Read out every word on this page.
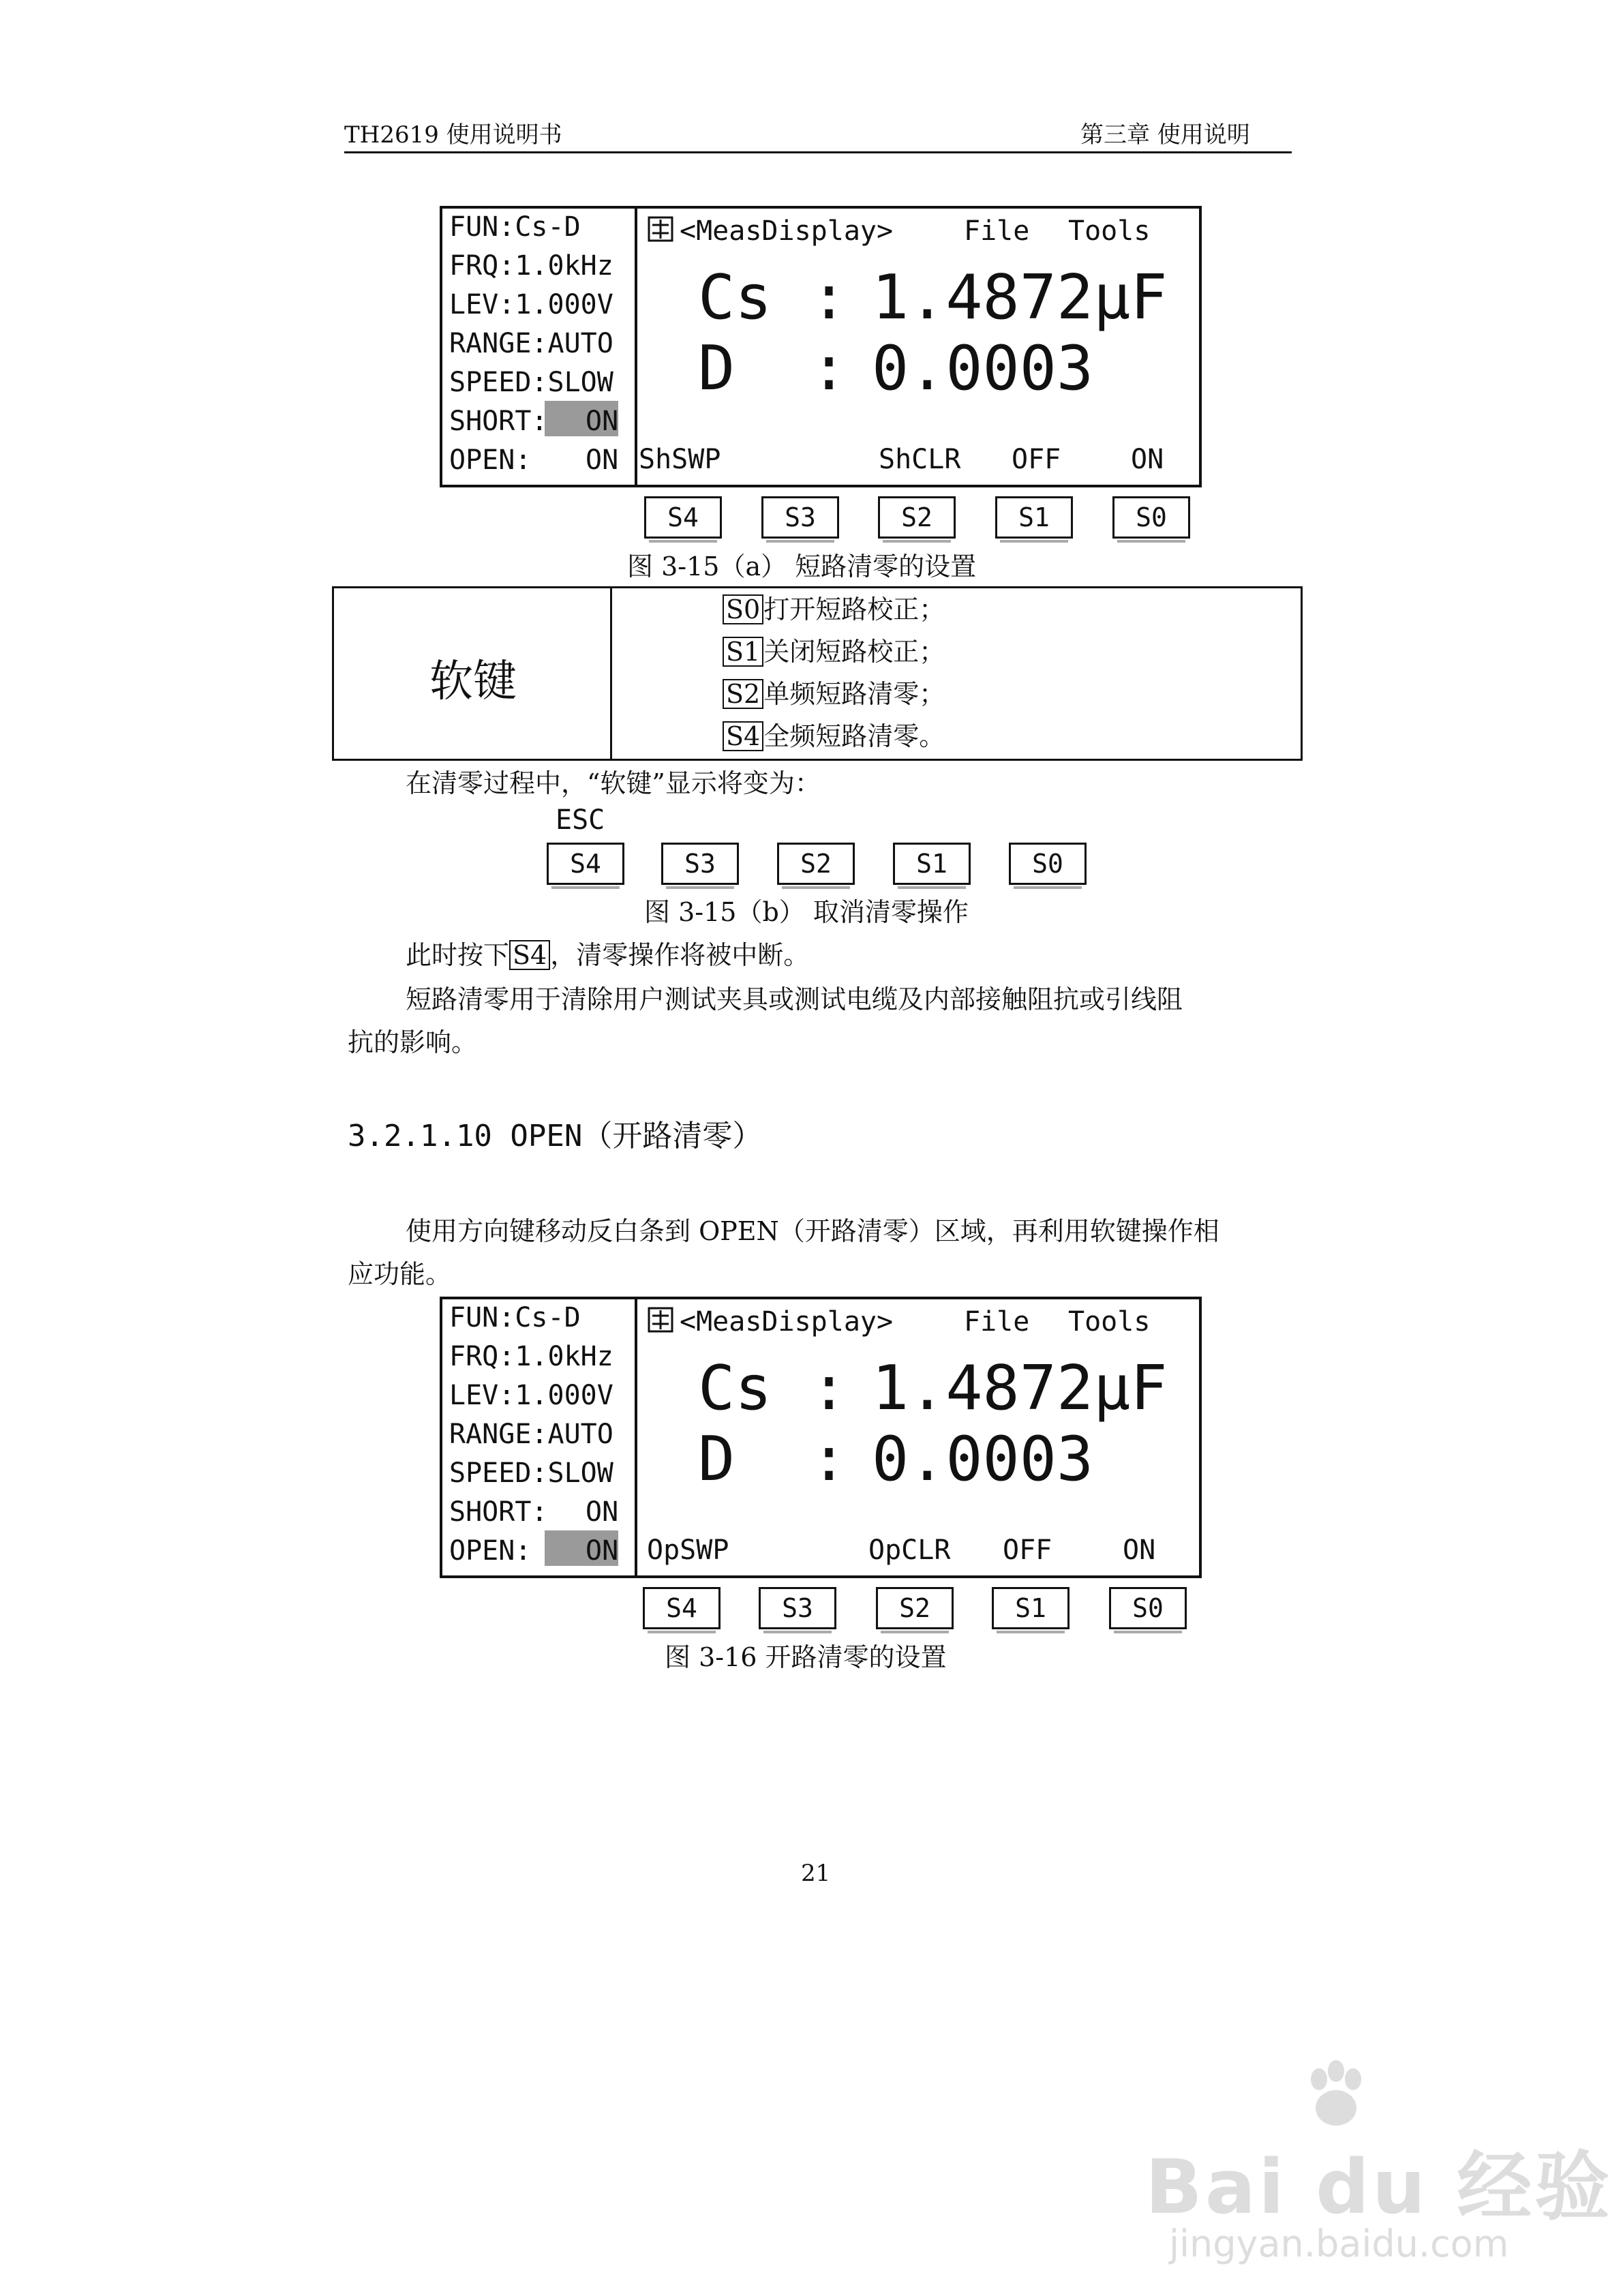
TH2619 使用说明书	第三章 使用说明
FUN:Cs-D
FRQ:1.0kHz
LEV:1.000V
RANGE:AUTO
SPEED:SLOW
SHORT: ON
OPEN: ON
<MeasDisplay>	File Tools
Cs : 1.4872μF
D : 0.0003
ShSWP	ShCLR OFF	ON
S4	S3	S2	S1	S0
图 3-15（a） 短路清零的设置
软键
S0 打开短路校正；
S1 关闭短路校正；
S2 单频短路清零；
S4 全频短路清零。
在清零过程中，“软键”显示将变为：
ESC
S4	S3	S2	S1	S0
图 3-15（b） 取消清零操作
此时按下 S4 ，清零操作将被中断。
短路清零用于清除用户测试夹具或测试电缆及内部接触阻抗或引线阻
抗的影响。
3.2.1.10 OPEN（开路清零）
使用方向键移动反白条到 OPEN（开路清零）区域，再利用软键操作相
应功能。
FUN:Cs-D
FRQ:1.0kHz
LEV:1.000V
RANGE:AUTO
SPEED:SLOW
SHORT: ON
OPEN: ON
<MeasDisplay>	File Tools
Cs : 1.4872μF
D : 0.0003
OpSWP	OpCLR OFF	ON
S4	S3	S2	S1	S0
图 3-16 开路清零的设置
21
Bai du 经验
jingyan.baidu.com
